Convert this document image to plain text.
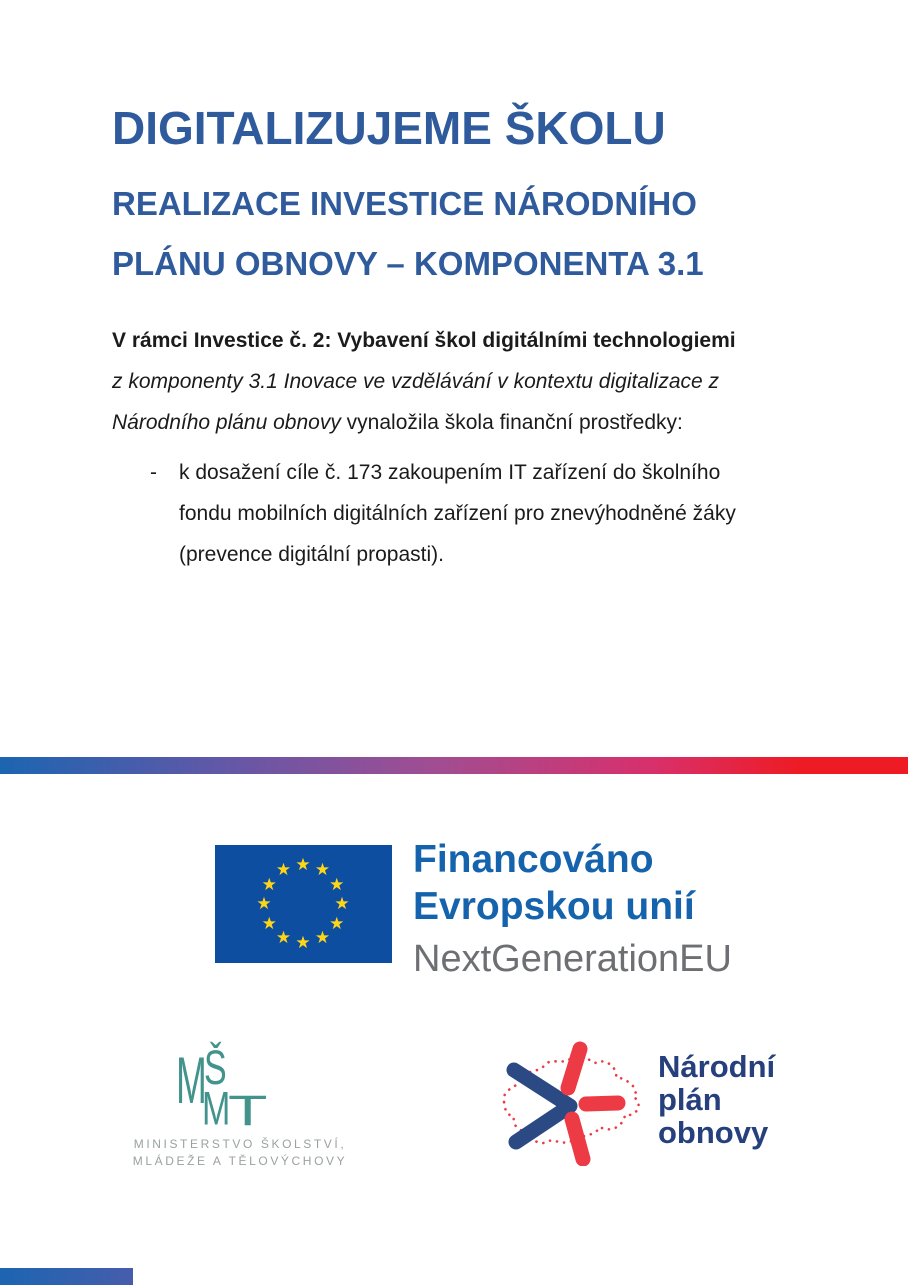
DIGITALIZUJEME ŠKOLU
REALIZACE INVESTICE NÁRODNÍHO
PLÁNU OBNOVY – KOMPONENTA 3.1
V rámci Investice č. 2: Vybavení škol digitálními technologiemi
z komponenty 3.1 Inovace ve vzdělávání v kontextu digitalizace z
Národního plánu obnovy vynaložila škola finanční prostředky:
-	k dosažení cíle č. 173 zakoupením IT zařízení do školního
fondu mobilních digitálních zařízení pro znevýhodněné žáky
(prevence digitální propasti).
★ ★
★
★
★
★
★
★
★
★
★
★	Financováno
Evropskou unií
NextGenerationEU
M
Š
M
T
MINISTERSTVO ŠKOLSTVÍ,
MLÁDEŽE A TĚLOVÝCHOVY
Národní
plán
obnovy
